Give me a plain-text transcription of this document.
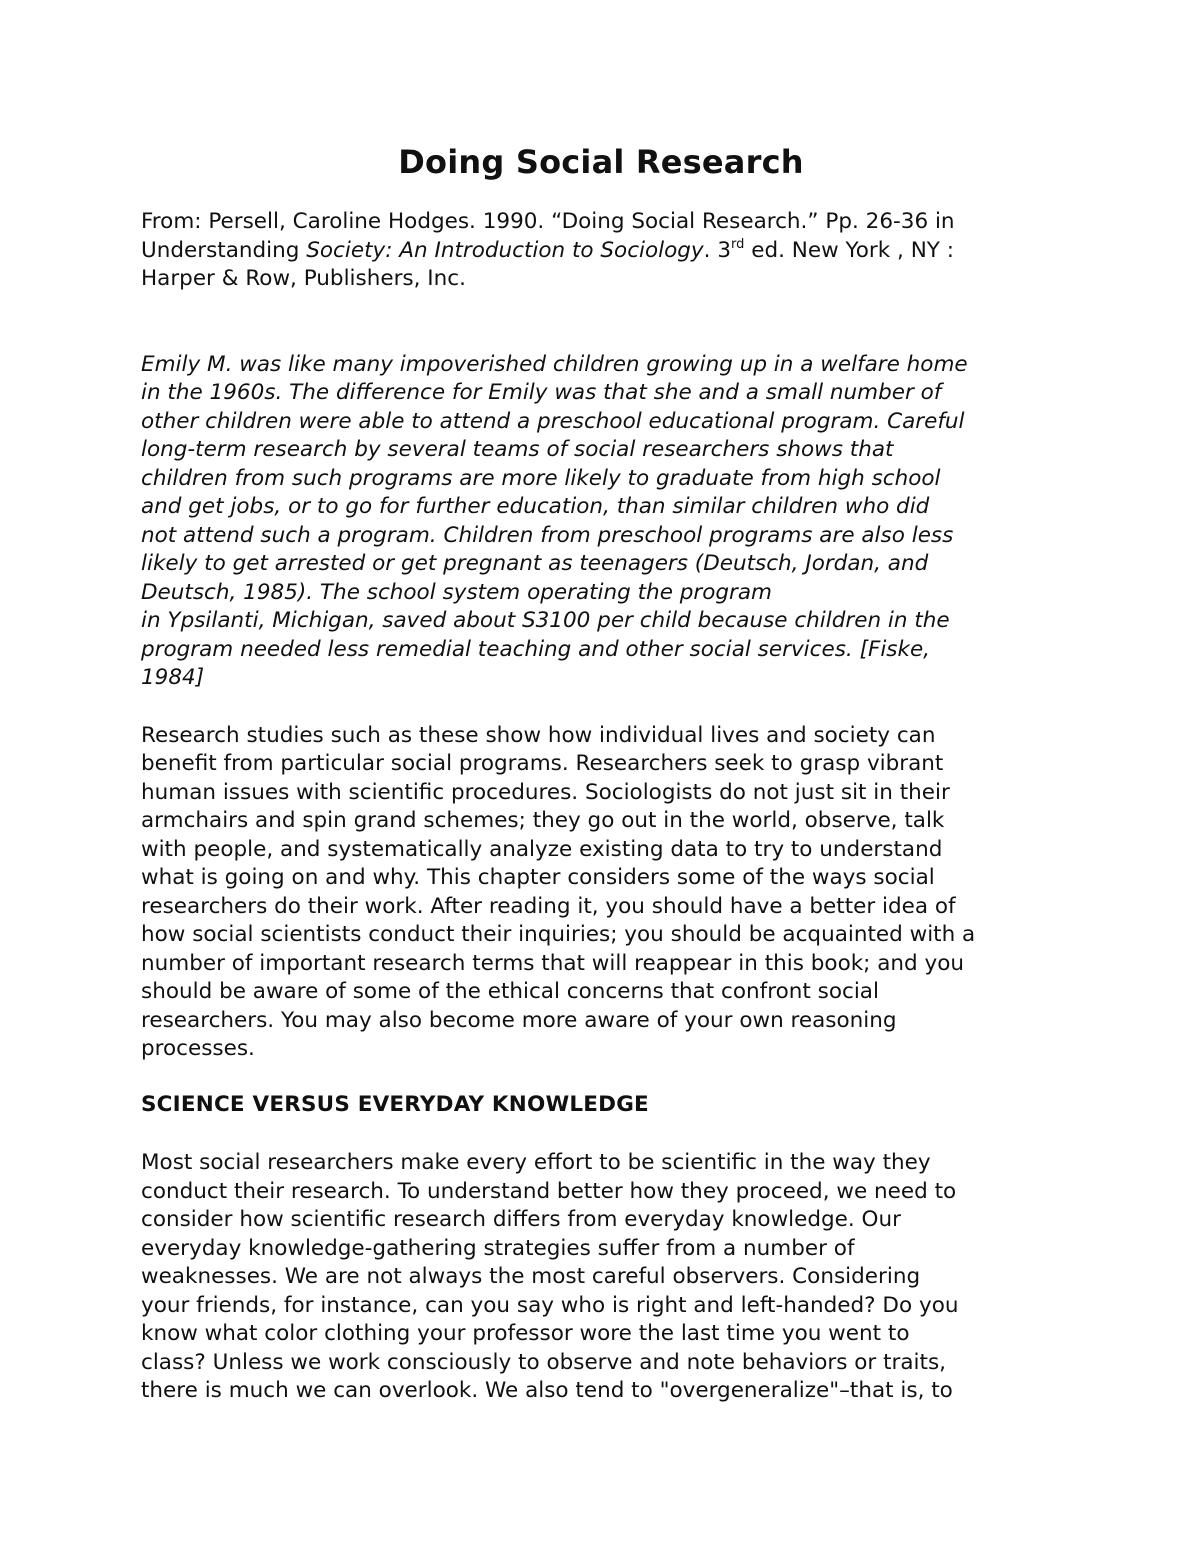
Doing Social Research

From: Persell, Caroline Hodges. 1990. “Doing Social Research.” Pp. 26-36 in
Understanding Society: An Introduction to Sociology. 3rd ed. New York , NY :
Harper & Row, Publishers, Inc.

Emily M. was like many impoverished children growing up in a welfare home
in the 1960s. The difference for Emily was that she and a small number of
other children were able to attend a preschool educational program. Careful
long-term research by several teams of social researchers shows that
children from such programs are more likely to graduate from high school
and get jobs, or to go for further education, than similar children who did
not attend such a program. Children from preschool programs are also less
likely to get arrested or get pregnant as teenagers (Deutsch, Jordan, and
Deutsch, 1985). The school system operating the program
in Ypsilanti, Michigan, saved about S3100 per child because children in the
program needed less remedial teaching and other social services. [Fiske,
1984]

Research studies such as these show how individual lives and society can
benefit from particular social programs. Researchers seek to grasp vibrant
human issues with scientific procedures. Sociologists do not just sit in their
armchairs and spin grand schemes; they go out in the world, observe, talk
with people, and systematically analyze existing data to try to understand
what is going on and why. This chapter considers some of the ways social
researchers do their work. After reading it, you should have a better idea of
how social scientists conduct their inquiries; you should be acquainted with a
number of important research terms that will reappear in this book; and you
should be aware of some of the ethical concerns that confront social
researchers. You may also become more aware of your own reasoning
processes.

SCIENCE VERSUS EVERYDAY KNOWLEDGE

Most social researchers make every effort to be scientific in the way they
conduct their research. To understand better how they proceed, we need to
consider how scientific research differs from everyday knowledge. Our
everyday knowledge-gathering strategies suffer from a number of
weaknesses. We are not always the most careful observers. Considering
your friends, for instance, can you say who is right and left-handed? Do you
know what color clothing your professor wore the last time you went to
class? Unless we work consciously to observe and note behaviors or traits,
there is much we can overlook. We also tend to "overgeneralize"–that is, to
